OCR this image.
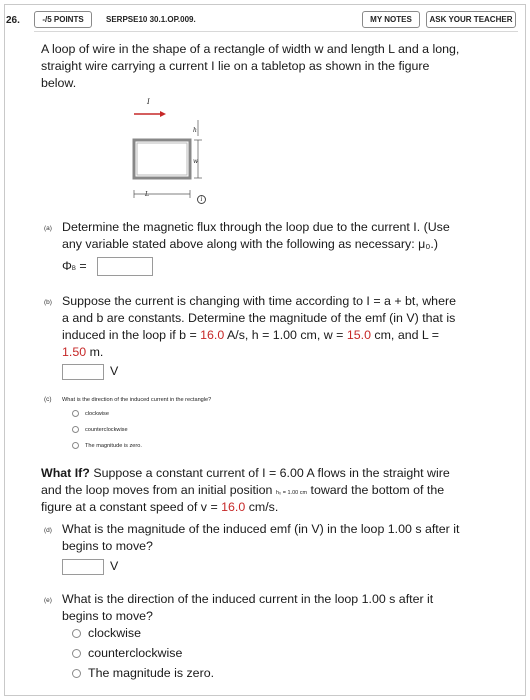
26.	-/5 POINTS	SERPSE10 30.1.OP.009.	MY NOTES	ASK YOUR TEACHER
A loop of wire in the shape of a rectangle of width w and length L and a long,
straight wire carrying a current I lie on a tabletop as shown in the figure
below.
I
h
w
L
i
(a) Determine the magnetic flux through the loop due to the current I. (Use
any variable stated above along with the following as necessary: μ₀.)
ΦB =
(b) Suppose the current is changing with time according to I = a + bt, where
a and b are constants. Determine the magnitude of the emf (in V) that is
induced in the loop if b = 16.0 A/s, h = 1.00 cm, w = 15.0 cm, and L =
1.50 m.
V
(c) What is the direction of the induced current in the rectangle?
clockwise
counterclockwise
The magnitude is zero.
What If? Suppose a constant current of I = 6.00 A flows in the straight wire
and the loop moves from an initial position h₀ = 1.00 cm toward the bottom of the
figure at a constant speed of v = 16.0 cm/s.
(d) What is the magnitude of the induced emf (in V) in the loop 1.00 s after it
begins to move?
V
(e) What is the direction of the induced current in the loop 1.00 s after it
begins to move?
clockwise
counterclockwise
The magnitude is zero.
